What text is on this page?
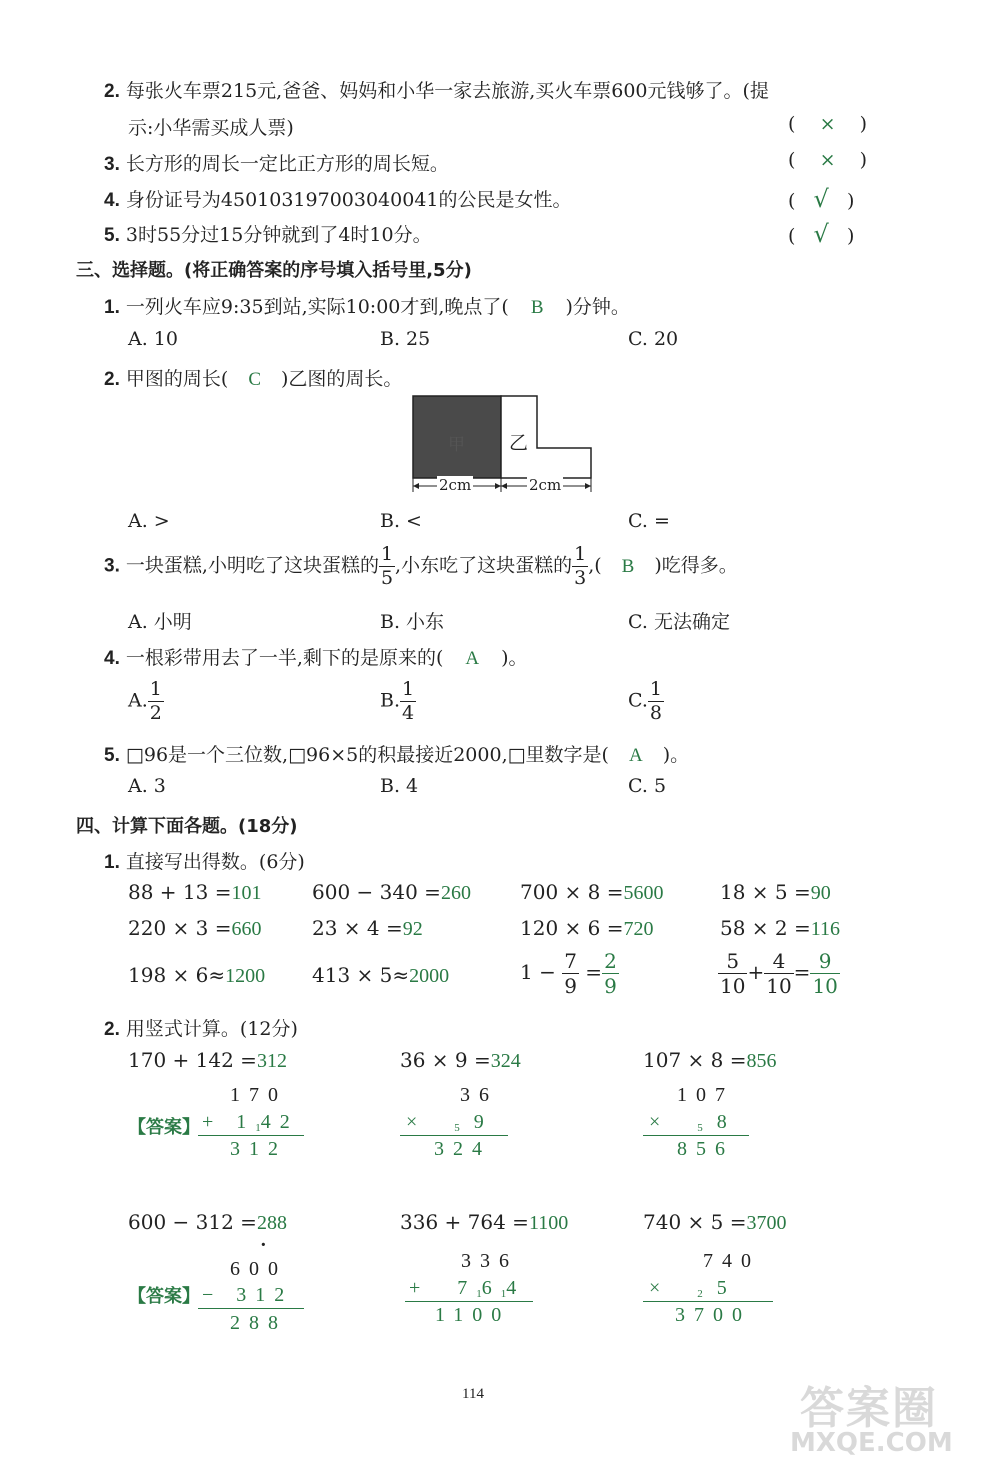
2. 每张火车票215元,爸爸、妈妈和小华一家去旅游,买火车票600元钱够了。(提
示:小华需买成人票)	(    ×    )
3. 长方形的周长一定比正方形的周长短。	(    ×    )
4. 身份证号为450103197003040041的公民是女性。	(   √   )
5. 3时55分过15分钟就到了4时10分。	(   √   )
三、选择题。(将正确答案的序号填入括号里,5分)
1. 一列火车应9:35到站,实际10:00才到,晚点了( B )分钟。
A. 10	B. 25	C. 20
2. 甲图的周长( C )乙图的周长。
甲 乙
2cm	2cm
A. >	B. <	C. =
3. 一块蛋糕,小明吃了这块蛋糕的 $\frac{1}{5}$ ,小东吃了这块蛋糕的 $\frac{1}{3}$ ,( B )吃得多。
A. 小明	B. 小东	C. 无法确定
4. 一根彩带用去了一半,剩下的是原来的( A )。
A. $\frac{1}{2}$	B. $\frac{1}{4}$	C. $\frac{1}{8}$
5. □96是一个三位数,□96×5的积最接近2000,□里数字是( A )。
A. 3	B. 4	C. 5
四、计算下面各题。(18分)
1. 直接写出得数。(6分)
88 + 13 =101	600 − 340 =260 700 × 8 =5600	18 × 5 =90
220 × 3 =660	23 × 4 =92	120 × 6 =720	58 × 2 =116
198 × 6≈1200 413 × 5≈2000	$1 - \frac{7}{9} = \frac{2}{9}$	$\frac{5}{10} + \frac{4}{10} = \frac{9}{10}$
2. 用竖式计算。(12分)
170 + 142 =312	36 × 9 =324	107 × 8 =856
【答案】
170
+ 1142
312
36
×	5 9
324
107
×	5 8
856
600 − 312 =288	336 + 764 =1100	740 × 5 =3700
【答案】
·
600
− 312
288
336
+ 71614
1100
740
×	2 5
3700
114	答案圈
MXQE.COM
